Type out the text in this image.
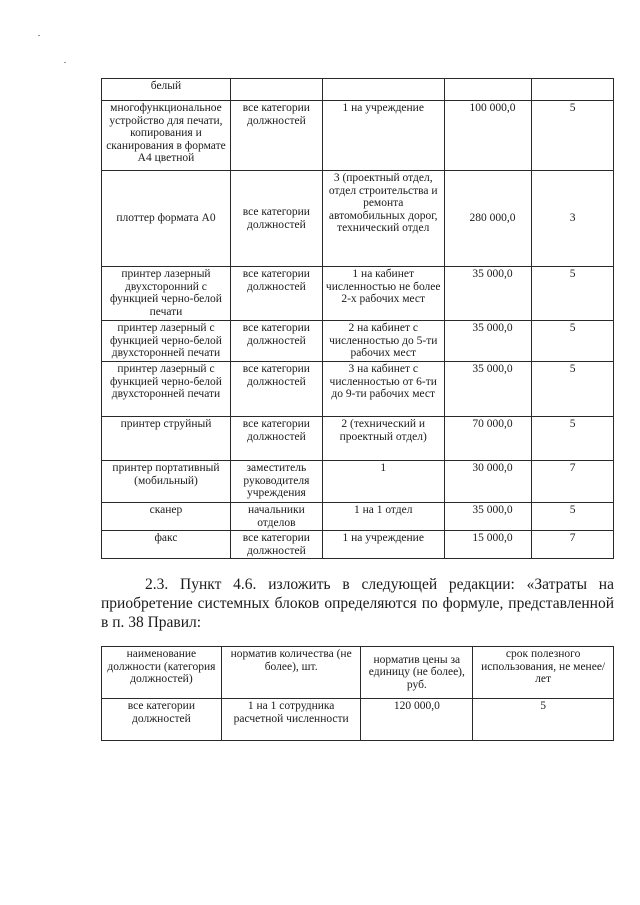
белый				
многофункциональное устройство для печати, копирования и сканирования в формате А4 цветной	все категории должностей	1 на учреждение	100 000,0	5
плоттер формата А0	все категории должностей	3 (проектный отдел, отдел строительства и ремонта автомобильных дорог, технический отдел	280 000,0	3
принтер лазерный двухсторонний с функцией черно-белой печати	все категории должностей	1 на кабинет численностью не более 2-х рабочих мест	35 000,0	5
принтер лазерный с функцией черно-белой двухсторонней печати	все категории должностей	2 на кабинет с численностью до 5-ти рабочих мест	35 000,0	5
принтер лазерный с функцией черно-белой двухсторонней печати	все категории должностей	3 на кабинет с численностью от 6-ти до 9-ти рабочих мест	35 000,0	5
принтер струйный	все категории должностей	2 (технический и проектный отдел)	70 000,0	5
принтер портативный (мобильный)	заместитель руководителя учреждения	1	30 000,0	7
сканер	начальники отделов	1 на 1 отдел	35 000,0	5
факс	все категории должностей	1 на учреждение	15 000,0	7
2.3. Пункт 4.6. изложить в следующей редакции: «Затраты на
приобретение системных блоков определяются по формуле, представленной в п. 38 Правил:
наименование должности (категория должностей)	норматив количества (не более), шт.	норматив цены за единицу (не более), руб.	срок полезного использования, не менее/лет
все категории должностей	1 на 1 сотрудника расчетной численности	120 000,0	5
